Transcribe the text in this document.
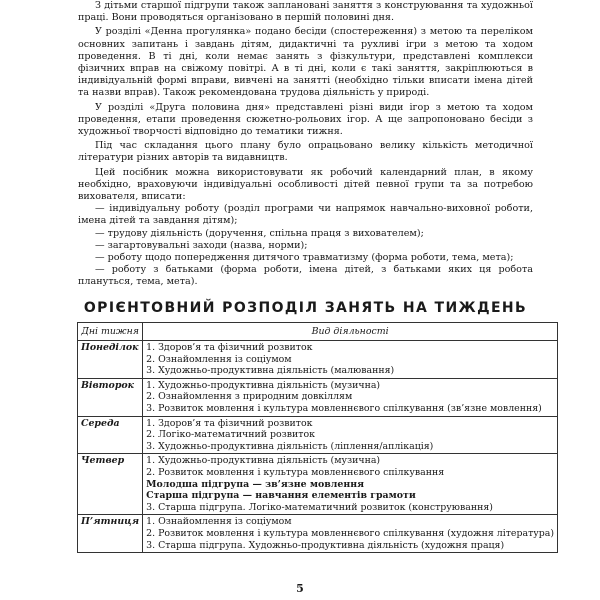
З дітьми старшої підгрупи також заплановані заняття з конструювання та художньої праці. Вони проводяться організовано в першій половині дня.

У розділі «Денна прогулянка» подано бесіди (спостереження) з метою та переліком основних запитань і завдань дітям, дидактичні та рухливі ігри з метою та ходом проведення. В ті дні, коли немає занять з фізкультури, представлені комплекси фізичних вправ на свіжому повітрі. А в ті дні, коли є такі заняття, закріплюються в індивідуальній формі вправи, вивчені на занятті (необхідно тільки вписати імена дітей та назви вправ). Також рекомендована трудова діяльність у природі.

У розділі «Друга половина дня» представлені різні види ігор з метою та ходом проведення, етапи проведення сюжетно-рольових ігор. А ще запропоновано бесіди з художньої творчості відповідно до тематики тижня.

Під час складання цього плану було опрацьовано велику кількість методичної літератури різних авторів та видавництв.

Цей посібник можна використовувати як робочий календарний план, в якому необхідно, враховуючи індивідуальні особливості дітей певної групи та за потребою вихователя, вписати:

— індивідуальну роботу (розділ програми чи напрямок навчально-виховної роботи, імена дітей та завдання дітям);
— трудову діяльність (доручення, спільна праця з вихователем);
— загартовувальні заходи (назва, норми);
— роботу щодо попередження дитячого травматизму (форма роботи, тема, мета);
— роботу з батьками (форма роботи, імена дітей, з батьками яких ця робота плануться, тема, мета).
ОРІЄНТОВНИЙ РОЗПОДІЛ ЗАНЯТЬ НА ТИЖДЕНЬ
Дні тижня	Вид діяльності
Понеділок	1. Здоров’я та фізичний розвиток
2. Ознайомлення із соціумом
3. Художньо-продуктивна діяльність (малювання)

Вівторок	1. Художньо-продуктивна діяльність (музична)
2. Ознайомлення з природним довкіллям
3. Розвиток мовлення і культура мовленнєвого спілкування (зв’язне мовлення)

Середа	1. Здоров’я та фізичний розвиток
2. Логіко-математичний розвиток
3. Художньо-продуктивна діяльність (ліплення/аплікація)

Четвер	1. Художньо-продуктивна діяльність (музична)
2. Розвиток мовлення і культура мовленнєвого спілкування
Молодша підгрупа — зв’язне мовлення
Старша підгрупа — навчання елементів грамоти
3. Старша підгрупа. Логіко-математичний розвиток (конструювання)

П’ятниця	1. Ознайомлення із соціумом
2. Розвиток мовлення і культура мовленнєвого спілкування (художня література)
3. Старша підгрупа. Художньо-продуктивна діяльність (художня праця)
5
